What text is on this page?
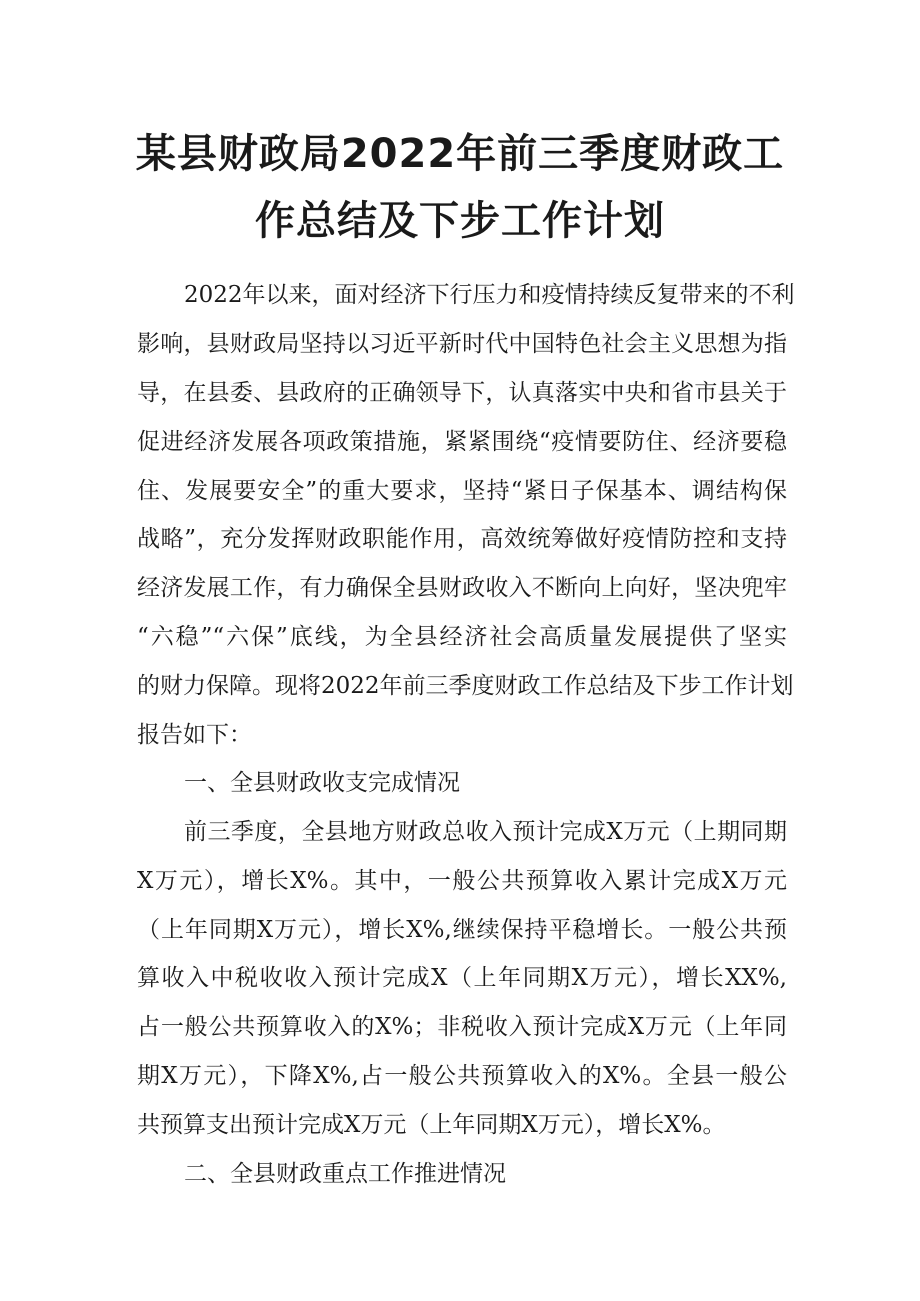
某县财政局2022年前三季度财政工
作总结及下步工作计划
2022年以来，面对经济下行压力和疫情持续反复带来的不利
影响，县财政局坚持以习近平新时代中国特色社会主义思想为指
导，在县委、县政府的正确领导下，认真落实中央和省市县关于
促进经济发展各项政策措施，紧紧围绕“疫情要防住、经济要稳
住、发展要安全”的重大要求，坚持“紧日子保基本、调结构保
战略”，充分发挥财政职能作用，高效统筹做好疫情防控和支持
经济发展工作，有力确保全县财政收入不断向上向好，坚决兜牢
“六稳”“六保”底线，为全县经济社会高质量发展提供了坚实
的财力保障。现将2022年前三季度财政工作总结及下步工作计划
报告如下：
一、全县财政收支完成情况
前三季度，全县地方财政总收入预计完成X万元（上期同期
X万元），增长X%。其中，一般公共预算收入累计完成X万元
（上年同期X万元），增长X%,继续保持平稳增长。一般公共预
算收入中税收收入预计完成X（上年同期X万元），增长XX%,
占一般公共预算收入的X%；非税收入预计完成X万元（上年同
期X万元），下降X%,占一般公共预算收入的X%。全县一般公
共预算支出预计完成X万元（上年同期X万元），增长X%。
二、全县财政重点工作推进情况
